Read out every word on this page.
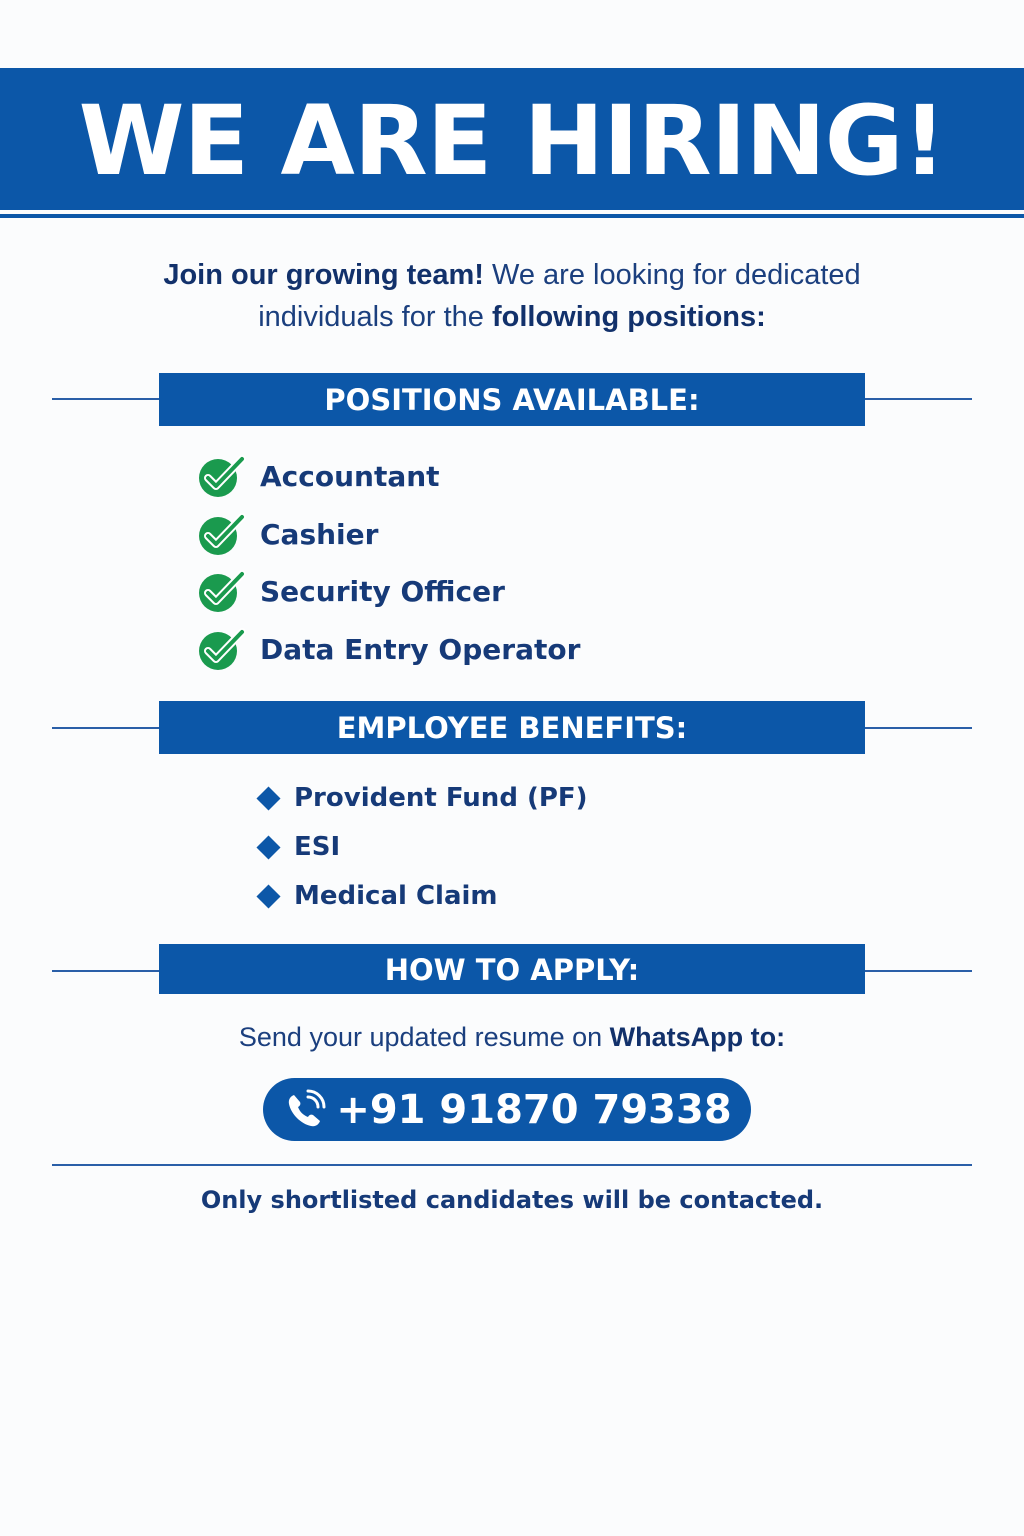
WE ARE HIRING!
Join our growing team! We are looking for dedicated
individuals for the following positions:
POSITIONS AVAILABLE:
Accountant
Cashier
Security Officer
Data Entry Operator
EMPLOYEE BENEFITS:
Provident Fund (PF)
ESI
Medical Claim
HOW TO APPLY:
Send your updated resume on WhatsApp to:
+91 91870 79338
Only shortlisted candidates will be contacted.
